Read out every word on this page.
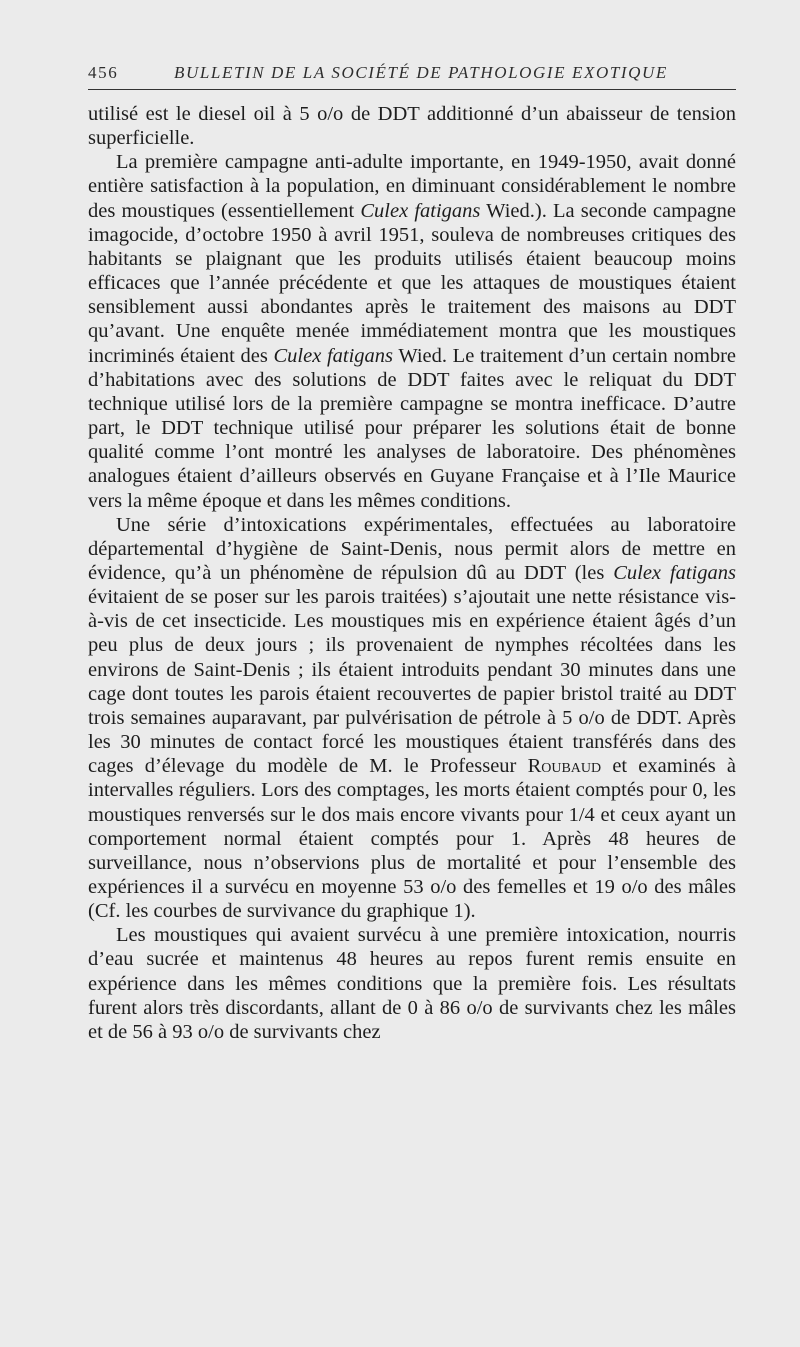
456	BULLETIN DE LA SOCIÉTÉ DE PATHOLOGIE EXOTIQUE

utilisé est le diesel oil à 5 o/o de DDT additionné d’un abaisseur de tension superficielle.

La première campagne anti-adulte importante, en 1949-1950, avait donné entière satisfaction à la population, en diminuant considérablement le nombre des moustiques (essentiellement Culex fatigans Wied.). La seconde campagne imagocide, d’octobre 1950 à avril 1951, souleva de nombreuses critiques des habitants se plaignant que les produits utilisés étaient beaucoup moins efficaces que l’année précédente et que les attaques de moustiques étaient sensiblement aussi abondantes après le traitement des maisons au DDT qu’avant. Une enquête menée immédiatement montra que les moustiques incriminés étaient des Culex fatigans Wied. Le traitement d’un certain nombre d’habitations avec des solutions de DDT faites avec le reliquat du DDT technique utilisé lors de la première campagne se montra inefficace. D’autre part, le DDT technique utilisé pour préparer les solutions était de bonne qualité comme l’ont montré les analyses de laboratoire. Des phénomènes analogues étaient d’ailleurs observés en Guyane Française et à l’Ile Maurice vers la même époque et dans les mêmes conditions.

Une série d’intoxications expérimentales, effectuées au laboratoire départemental d’hygiène de Saint-Denis, nous permit alors de mettre en évidence, qu’à un phénomène de répulsion dû au DDT (les Culex fatigans évitaient de se poser sur les parois traitées) s’ajoutait une nette résistance vis-à-vis de cet insecticide. Les moustiques mis en expérience étaient âgés d’un peu plus de deux jours ; ils provenaient de nymphes récoltées dans les environs de Saint-Denis ; ils étaient introduits pendant 30 minutes dans une cage dont toutes les parois étaient recouvertes de papier bristol traité au DDT trois semaines auparavant, par pulvérisation de pétrole à 5 o/o de DDT. Après les 30 minutes de contact forcé les moustiques étaient transférés dans des cages d’élevage du modèle de M. le Professeur Roubaud et examinés à intervalles réguliers. Lors des comptages, les morts étaient comptés pour 0, les moustiques renversés sur le dos mais encore vivants pour 1/4 et ceux ayant un comportement normal étaient comptés pour 1. Après 48 heures de surveillance, nous n’observions plus de mortalité et pour l’ensemble des expériences il a survécu en moyenne 53 o/o des femelles et 19 o/o des mâles (Cf. les courbes de survivance du graphique 1).

Les moustiques qui avaient survécu à une première intoxication, nourris d’eau sucrée et maintenus 48 heures au repos furent remis ensuite en expérience dans les mêmes conditions que la première fois. Les résultats furent alors très discordants, allant de 0 à 86 o/o de survivants chez les mâles et de 56 à 93 o/o de survivants chez
